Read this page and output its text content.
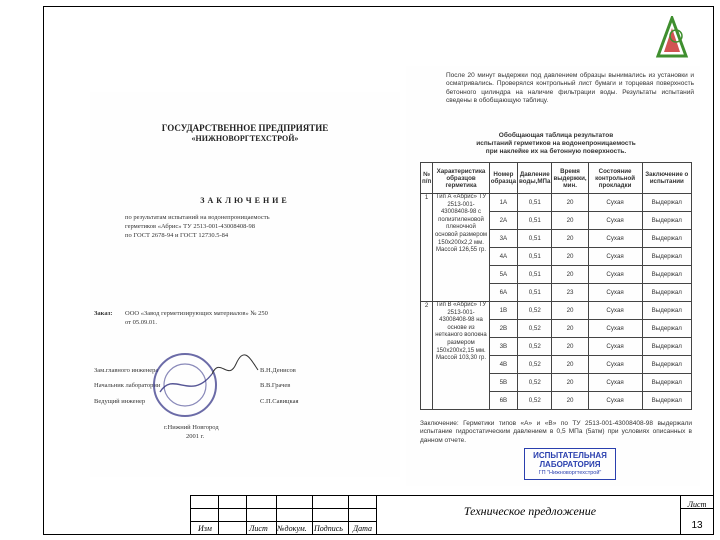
ГОСУДАРСТВЕННОЕ ПРЕДПРИЯТИЕ
«НИЖНОВОРГТЕХСТРОЙ»
ЗАКЛЮЧЕНИЕ
по результатам испытаний на водонепроницаемость
герметиков «Абрис» ТУ 2513-001-43008408-98
по ГОСТ 2678-94 и ГОСТ 12730.5-84
Заказ: ООО «Завод герметизирующих материалов» № 250
от 05.09.01.
Зам.главного инженера	В.Н.Денисов
Начальник лаборатории	В.В.Грачев
Ведущий инженер	С.П.Савицкая
г.Нижний Новгород
2001 г.
После 20 минут выдержки под давлением образцы вынимались из установки и осматривались. Проверялся контрольный лист бумаги и торцевая поверхность бетонного цилиндра на наличие фильтрации воды. Результаты испытаний сведены в обобщающую таблицу.
Обобщающая таблица результатов
испытаний герметиков на водонепроницаемость
при наклейке их на бетонную поверхность.
№ п/п	Характеристика образцов герметика	Номер образца	Давление воды,МПа	Время выдержки, мин.	Состояние контрольной прокладки	Заключение о испытании
1	Тип А «Абрис» ТУ 2513-001-43008408-98 с полиэтиленовой пленочной основой размером 150х200х2,2 мм. Массой 126,55 гр.	1А	0,51	20	Сухая	Выдержал
		2А	0,51	20	Сухая	Выдержал
		3А	0,51	20	Сухая	Выдержал
		4А	0,51	20	Сухая	Выдержал
		5А	0,51	20	Сухая	Выдержал
		6А	0,51	23	Сухая	Выдержал
2	Тип В «Абрис» ТУ 2513-001-43008408-98 на основе из нетканого волокна размером 150х200х2,15 мм. Массой 103,30 гр.	1В	0,52	20	Сухая	Выдержал
		2В	0,52	20	Сухая	Выдержал
		3В	0,52	20	Сухая	Выдержал
		4В	0,52	20	Сухая	Выдержал
		5В	0,52	20	Сухая	Выдержал
		6В	0,52	20	Сухая	Выдержал
Заключение: Герметики типов «А» и «В» по ТУ 2513-001-43008408-98 выдержали испытание гидростатическим давлением в 0,5 МПа (5атм) при условиях описанных в данном отчете.
ИСПЫТАТЕЛЬНАЯ
ЛАБОРАТОРИЯ
ГП "Нижноворгтехстрой"
Изм	Лист №докум. Подпись Дата
Техническое предложение	Лист
13
